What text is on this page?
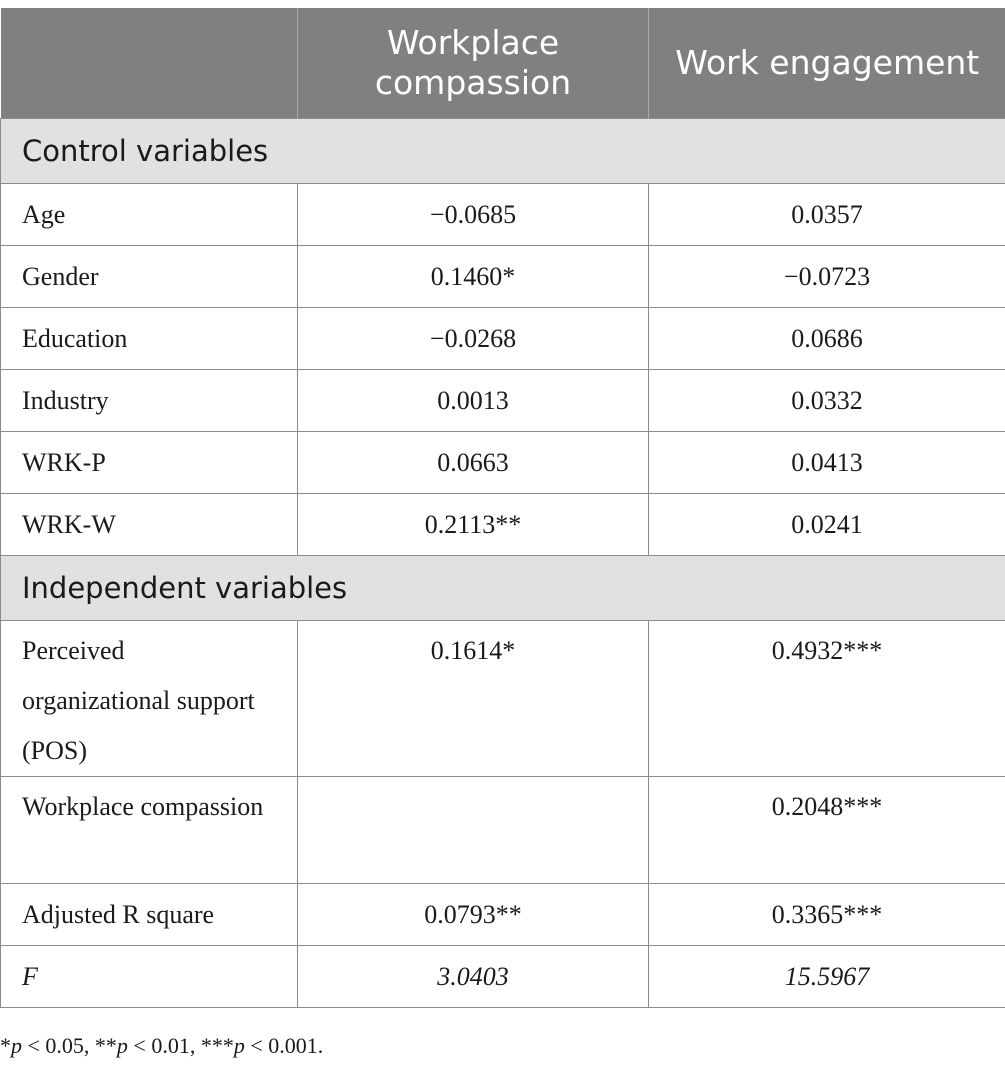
	Workplace compassion	Work engagement
Control variables		
Age	−0.0685	0.0357
Gender	0.1460*	−0.0723
Education	−0.0268	0.0686
Industry	0.0013	0.0332
WRK-P	0.0663	0.0413
WRK-W	0.2113**	0.0241
Independent variables		
Perceived organizational support (POS)	0.1614*	0.4932***
Workplace compassion		0.2048***
Adjusted R square	0.0793**	0.3365***
F	3.0403	15.5967
*p < 0.05, **p < 0.01, ***p < 0.001.
